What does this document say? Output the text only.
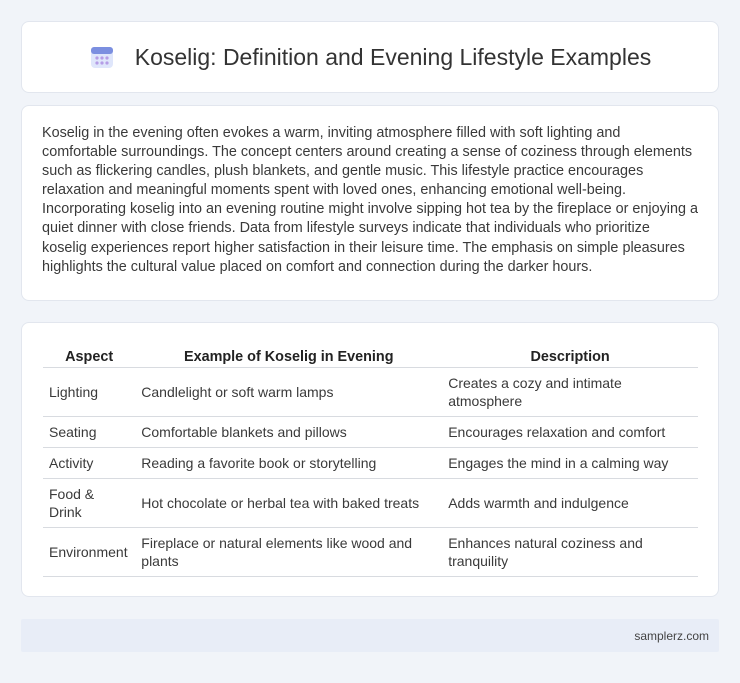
Koselig: Definition and Evening Lifestyle Examples

Koselig in the evening often evokes a warm, inviting atmosphere filled with soft lighting and comfortable surroundings. The concept centers around creating a sense of coziness through elements such as flickering candles, plush blankets, and gentle music. This lifestyle practice encourages relaxation and meaningful moments spent with loved ones, enhancing emotional well-being. Incorporating koselig into an evening routine might involve sipping hot tea by the fireplace or enjoying a quiet dinner with close friends. Data from lifestyle surveys indicate that individuals who prioritize koselig experiences report higher satisfaction in their leisure time. The emphasis on simple pleasures highlights the cultural value placed on comfort and connection during the darker hours.

Aspect	Example of Koselig in Evening	Description
Lighting	Candlelight or soft warm lamps	Creates a cozy and intimate atmosphere
Seating	Comfortable blankets and pillows	Encourages relaxation and comfort
Activity	Reading a favorite book or storytelling	Engages the mind in a calming way
Food & Drink	Hot chocolate or herbal tea with baked treats	Adds warmth and indulgence
Environment	Fireplace or natural elements like wood and plants	Enhances natural coziness and tranquility
samplerz.com
